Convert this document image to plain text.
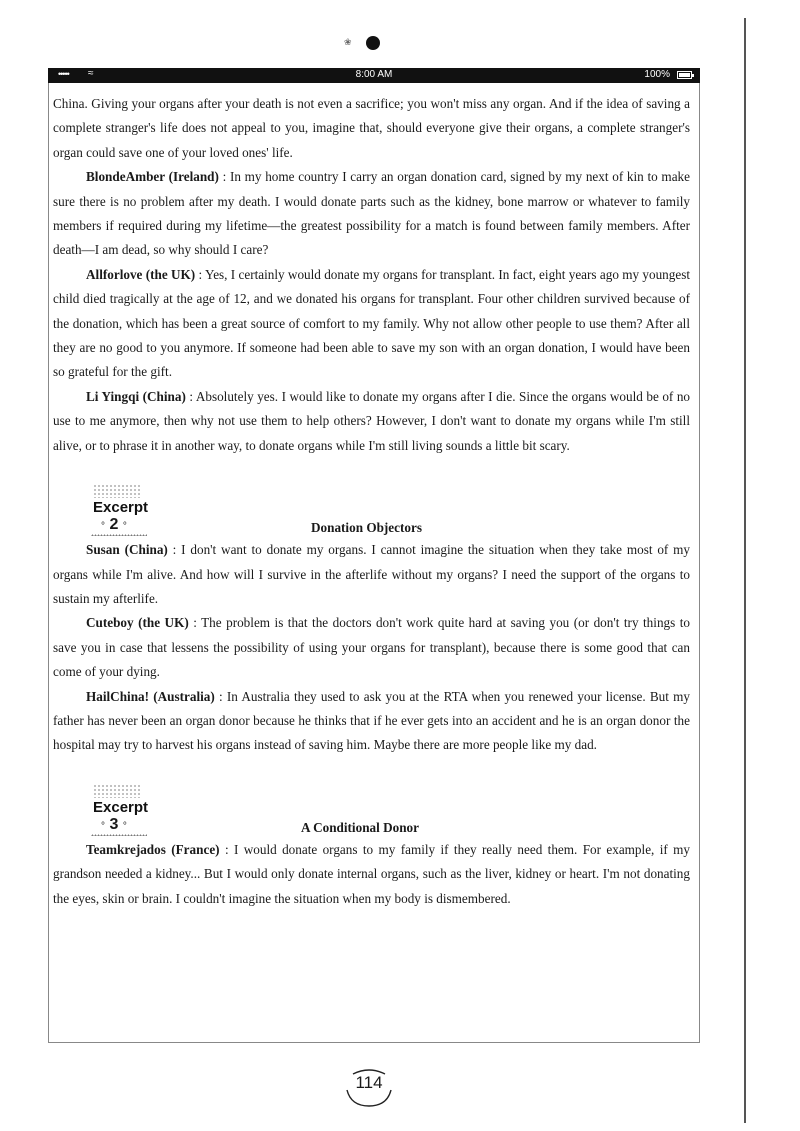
❀
••••• ≈	8:00 AM	100%

China. Giving your organs after your death is not even a sacrifice; you won't miss any organ. And if the idea of saving a complete stranger's life does not appeal to you, imagine that, should everyone give their organs, a complete stranger's organ could save one of your loved ones' life.

BlondeAmber (Ireland) : In my home country I carry an organ donation card, signed by my next of kin to make sure there is no problem after my death. I would donate parts such as the kidney, bone marrow or whatever to family members if required during my lifetime—the greatest possibility for a match is found between family members. After death—I am dead, so why should I care?

Allforlove (the UK) : Yes, I certainly would donate my organs for transplant. In fact, eight years ago my youngest child died tragically at the age of 12, and we donated his organs for transplant. Four other children survived because of the donation, which has been a great source of comfort to my family. Why not allow other people to use them? After all they are no good to you anymore. If someone had been able to save my son with an organ donation, I would have been so grateful for the gift.

Li Yingqi (China) : Absolutely yes. I would like to donate my organs after I die. Since the organs would be of no use to me anymore, then why not use them to help others? However, I don't want to donate my organs while I'm still alive, or to phrase it in another way, to donate organs while I'm still living sounds a little bit scary.

Excerpt
° 2 °	Donation Objectors

Susan (China) : I don't want to donate my organs. I cannot imagine the situation when they take most of my organs while I'm alive. And how will I survive in the afterlife without my organs? I need the support of the organs to sustain my afterlife.

Cuteboy (the UK) : The problem is that the doctors don't work quite hard at saving you (or don't try things to save you in case that lessens the possibility of using your organs for transplant), because there is some good that can come of your dying.

HailChina! (Australia) : In Australia they used to ask you at the RTA when you renewed your license. But my father has never been an organ donor because he thinks that if he ever gets into an accident and he is an organ donor the hospital may try to harvest his organs instead of saving him. Maybe there are more people like my dad.

Excerpt
° 3 °	A Conditional Donor

Teamkrejados (France) : I would donate organs to my family if they really need them. For example, if my grandson needed a kidney... But I would only donate internal organs, such as the liver, kidney or heart. I'm not donating the eyes, skin or brain. I couldn't imagine the situation when my body is dismembered.

114
